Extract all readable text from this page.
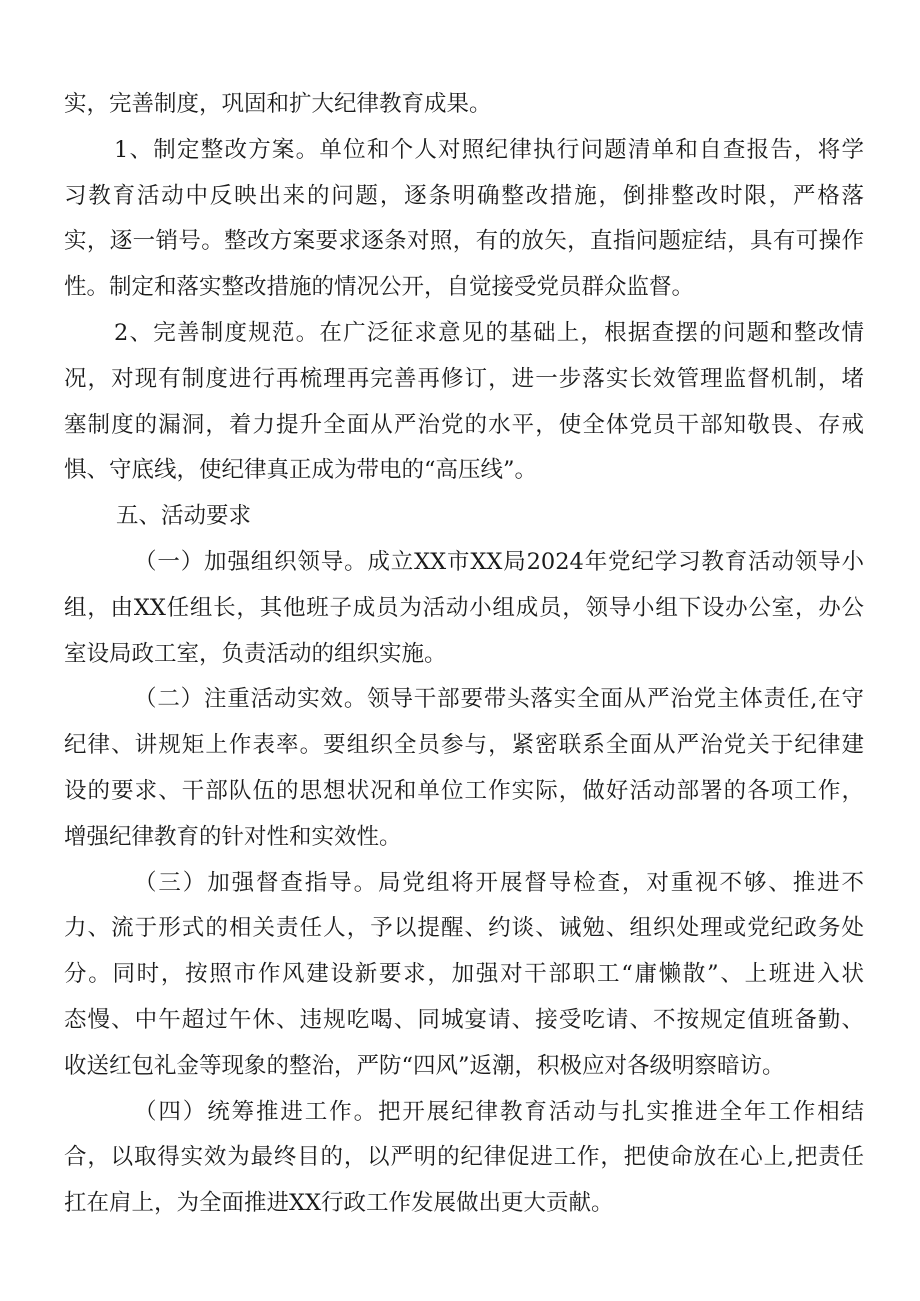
实，完善制度，巩固和扩大纪律教育成果。
1、制定整改方案。单位和个人对照纪律执行问题清单和自查报告，将学
习教育活动中反映出来的问题，逐条明确整改措施，倒排整改时限，严格落
实，逐一销号。整改方案要求逐条对照，有的放矢，直指问题症结，具有可操作
性。制定和落实整改措施的情况公开，自觉接受党员群众监督。
2、完善制度规范。在广泛征求意见的基础上，根据查摆的问题和整改情
况，对现有制度进行再梳理再完善再修订，进一步落实长效管理监督机制，堵
塞制度的漏洞，着力提升全面从严治党的水平，使全体党员干部知敬畏、存戒
惧、守底线，使纪律真正成为带电的“高压线”。
五、活动要求
（一）加强组织领导。成立XX市XX局2024年党纪学习教育活动领导小
组，由XX任组长，其他班子成员为活动小组成员，领导小组下设办公室，办公
室设局政工室，负责活动的组织实施。
（二）注重活动实效。领导干部要带头落实全面从严治党主体责任,在守
纪律、讲规矩上作表率。要组织全员参与，紧密联系全面从严治党关于纪律建
设的要求、干部队伍的思想状况和单位工作实际，做好活动部署的各项工作，
增强纪律教育的针对性和实效性。
（三）加强督查指导。局党组将开展督导检查，对重视不够、推进不
力、流于形式的相关责任人，予以提醒、约谈、诫勉、组织处理或党纪政务处
分。同时，按照市作风建设新要求，加强对干部职工“庸懒散”、上班进入状
态慢、中午超过午休、违规吃喝、同城宴请、接受吃请、不按规定值班备勤、
收送红包礼金等现象的整治，严防“四风”返潮，积极应对各级明察暗访。
（四）统筹推进工作。把开展纪律教育活动与扎实推进全年工作相结
合，以取得实效为最终目的，以严明的纪律促进工作，把使命放在心上,把责任
扛在肩上，为全面推进XX行政工作发展做出更大贡献。
